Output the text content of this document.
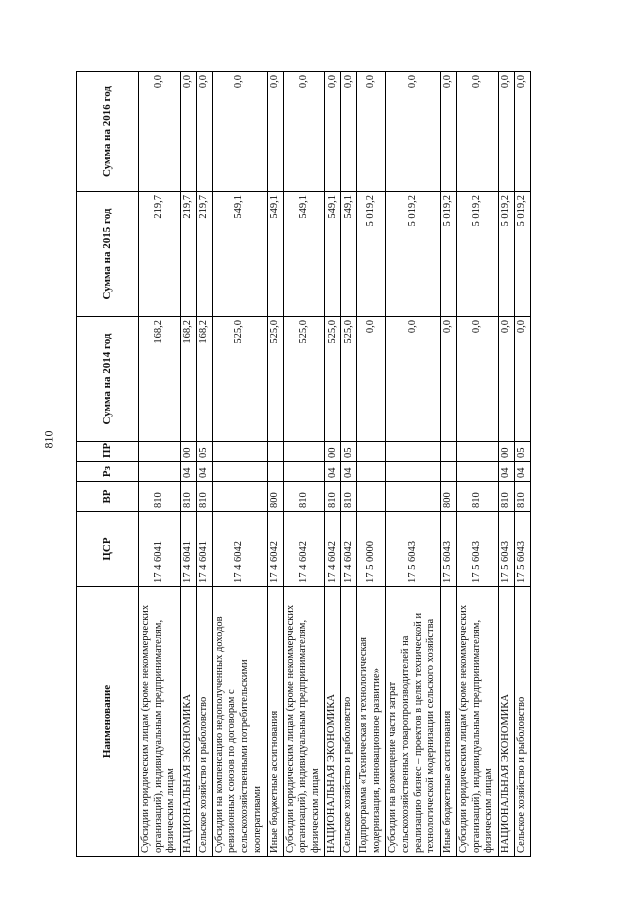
810
Наименование	ЦСР	ВР	Рз	ПР	Сумма на 2014 год	Сумма на 2015 год	Сумма на 2016 год
Субсидии юридическим лицам (кроме некоммерческих организаций), индивидуальным предпринимателям, физическим лицам	17 4 6041	810			168,2	219,7	0,0
НАЦИОНАЛЬНАЯ ЭКОНОМИКА	17 4 6041	810	04	00	168,2	219,7	0,0
Сельское хозяйство и рыболовство	17 4 6041	810	04	05	168,2	219,7	0,0
Субсидии на компенсацию недополученных доходов ревизионных союзов по договорам с сельскохозяйственными потребительскими кооперативами	17 4 6042				525,0	549,1	0,0
Иные бюджетные ассигнования	17 4 6042	800			525,0	549,1	0,0
Субсидии юридическим лицам (кроме некоммерческих организаций), индивидуальным предпринимателям, физическим лицам	17 4 6042	810			525,0	549,1	0,0
НАЦИОНАЛЬНАЯ ЭКОНОМИКА	17 4 6042	810	04	00	525,0	549,1	0,0
Сельское хозяйство и рыболовство	17 4 6042	810	04	05	525,0	549,1	0,0
Подпрограмма «Техническая и технологическая модернизация, инновационное развитие»	17 5 0000				0,0	5 019,2	0,0
Субсидии на возмещение части затрат сельскохозяйственных товаропроизводителей на реализацию бизнес – проектов в целях технической и технологической модернизации сельского хозяйства	17 5 6043				0,0	5 019,2	0,0
Иные бюджетные ассигнования	17 5 6043	800			0,0	5 019,2	0,0
Субсидии юридическим лицам (кроме некоммерческих организаций), индивидуальным предпринимателям, физическим лицам	17 5 6043	810			0,0	5 019,2	0,0
НАЦИОНАЛЬНАЯ ЭКОНОМИКА	17 5 6043	810	04	00	0,0	5 019,2	0,0
Сельское хозяйство и рыболовство	17 5 6043	810	04	05	0,0	5 019,2	0,0
